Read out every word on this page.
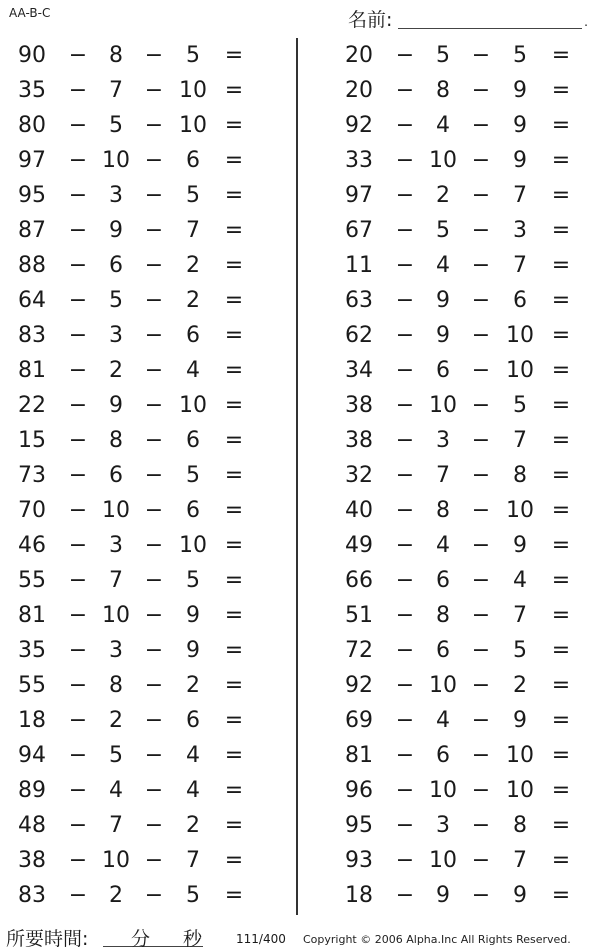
AA-B-C	名前:	.
90 − 8 −	5	=
35 − 7 − 10 =
80 − 5 − 10 =
97 − 10 −	6	=
95 − 3 −	5	=
87 − 9 −	7	=
88 − 6 −	2	=
64 − 5 −	2	=
83 − 3 −	6	=
81 − 2 −	4	=
22 − 9 − 10 =
15 − 8 −	6	=
73 − 6 −	5	=
70 − 10 −	6	=
46 − 3 − 10 =
55 − 7 −	5	=
81 − 10 −	9	=
35 − 3 −	9	=
55 − 8 −	2	=
18 − 2 −	6	=
94 − 5 −	4	=
89 − 4 −	4	=
48 − 7 −	2	=
38 − 10 −	7	=
83 − 2 −	5	=
20 − 5 −	5	=
20 − 8 −	9	=
92 − 4 −	9	=
33 − 10 −	9	=
97 − 2 −	7	=
67 − 5 −	3	=
11 − 4 −	7	=
63 − 9 −	6	=
62 − 9 − 10 =
34 − 6 − 10 =
38 − 10 −	5	=
38 − 3 −	7	=
32 − 7 −	8	=
40 − 8 − 10 =
49 − 4 −	9	=
66 − 6 −	4	=
51 − 8 −	7	=
72 − 6 −	5	=
92 − 10 −	2	=
69 − 4 −	9	=
81 − 6 − 10 =
96 − 10 − 10 =
95 − 3 −	8	=
93 − 10 −	7	=
18 − 9 −	9	=
所要時間: 分 秒	111/400 Copyright © 2006 Alpha.Inc All Rights Reserved.
